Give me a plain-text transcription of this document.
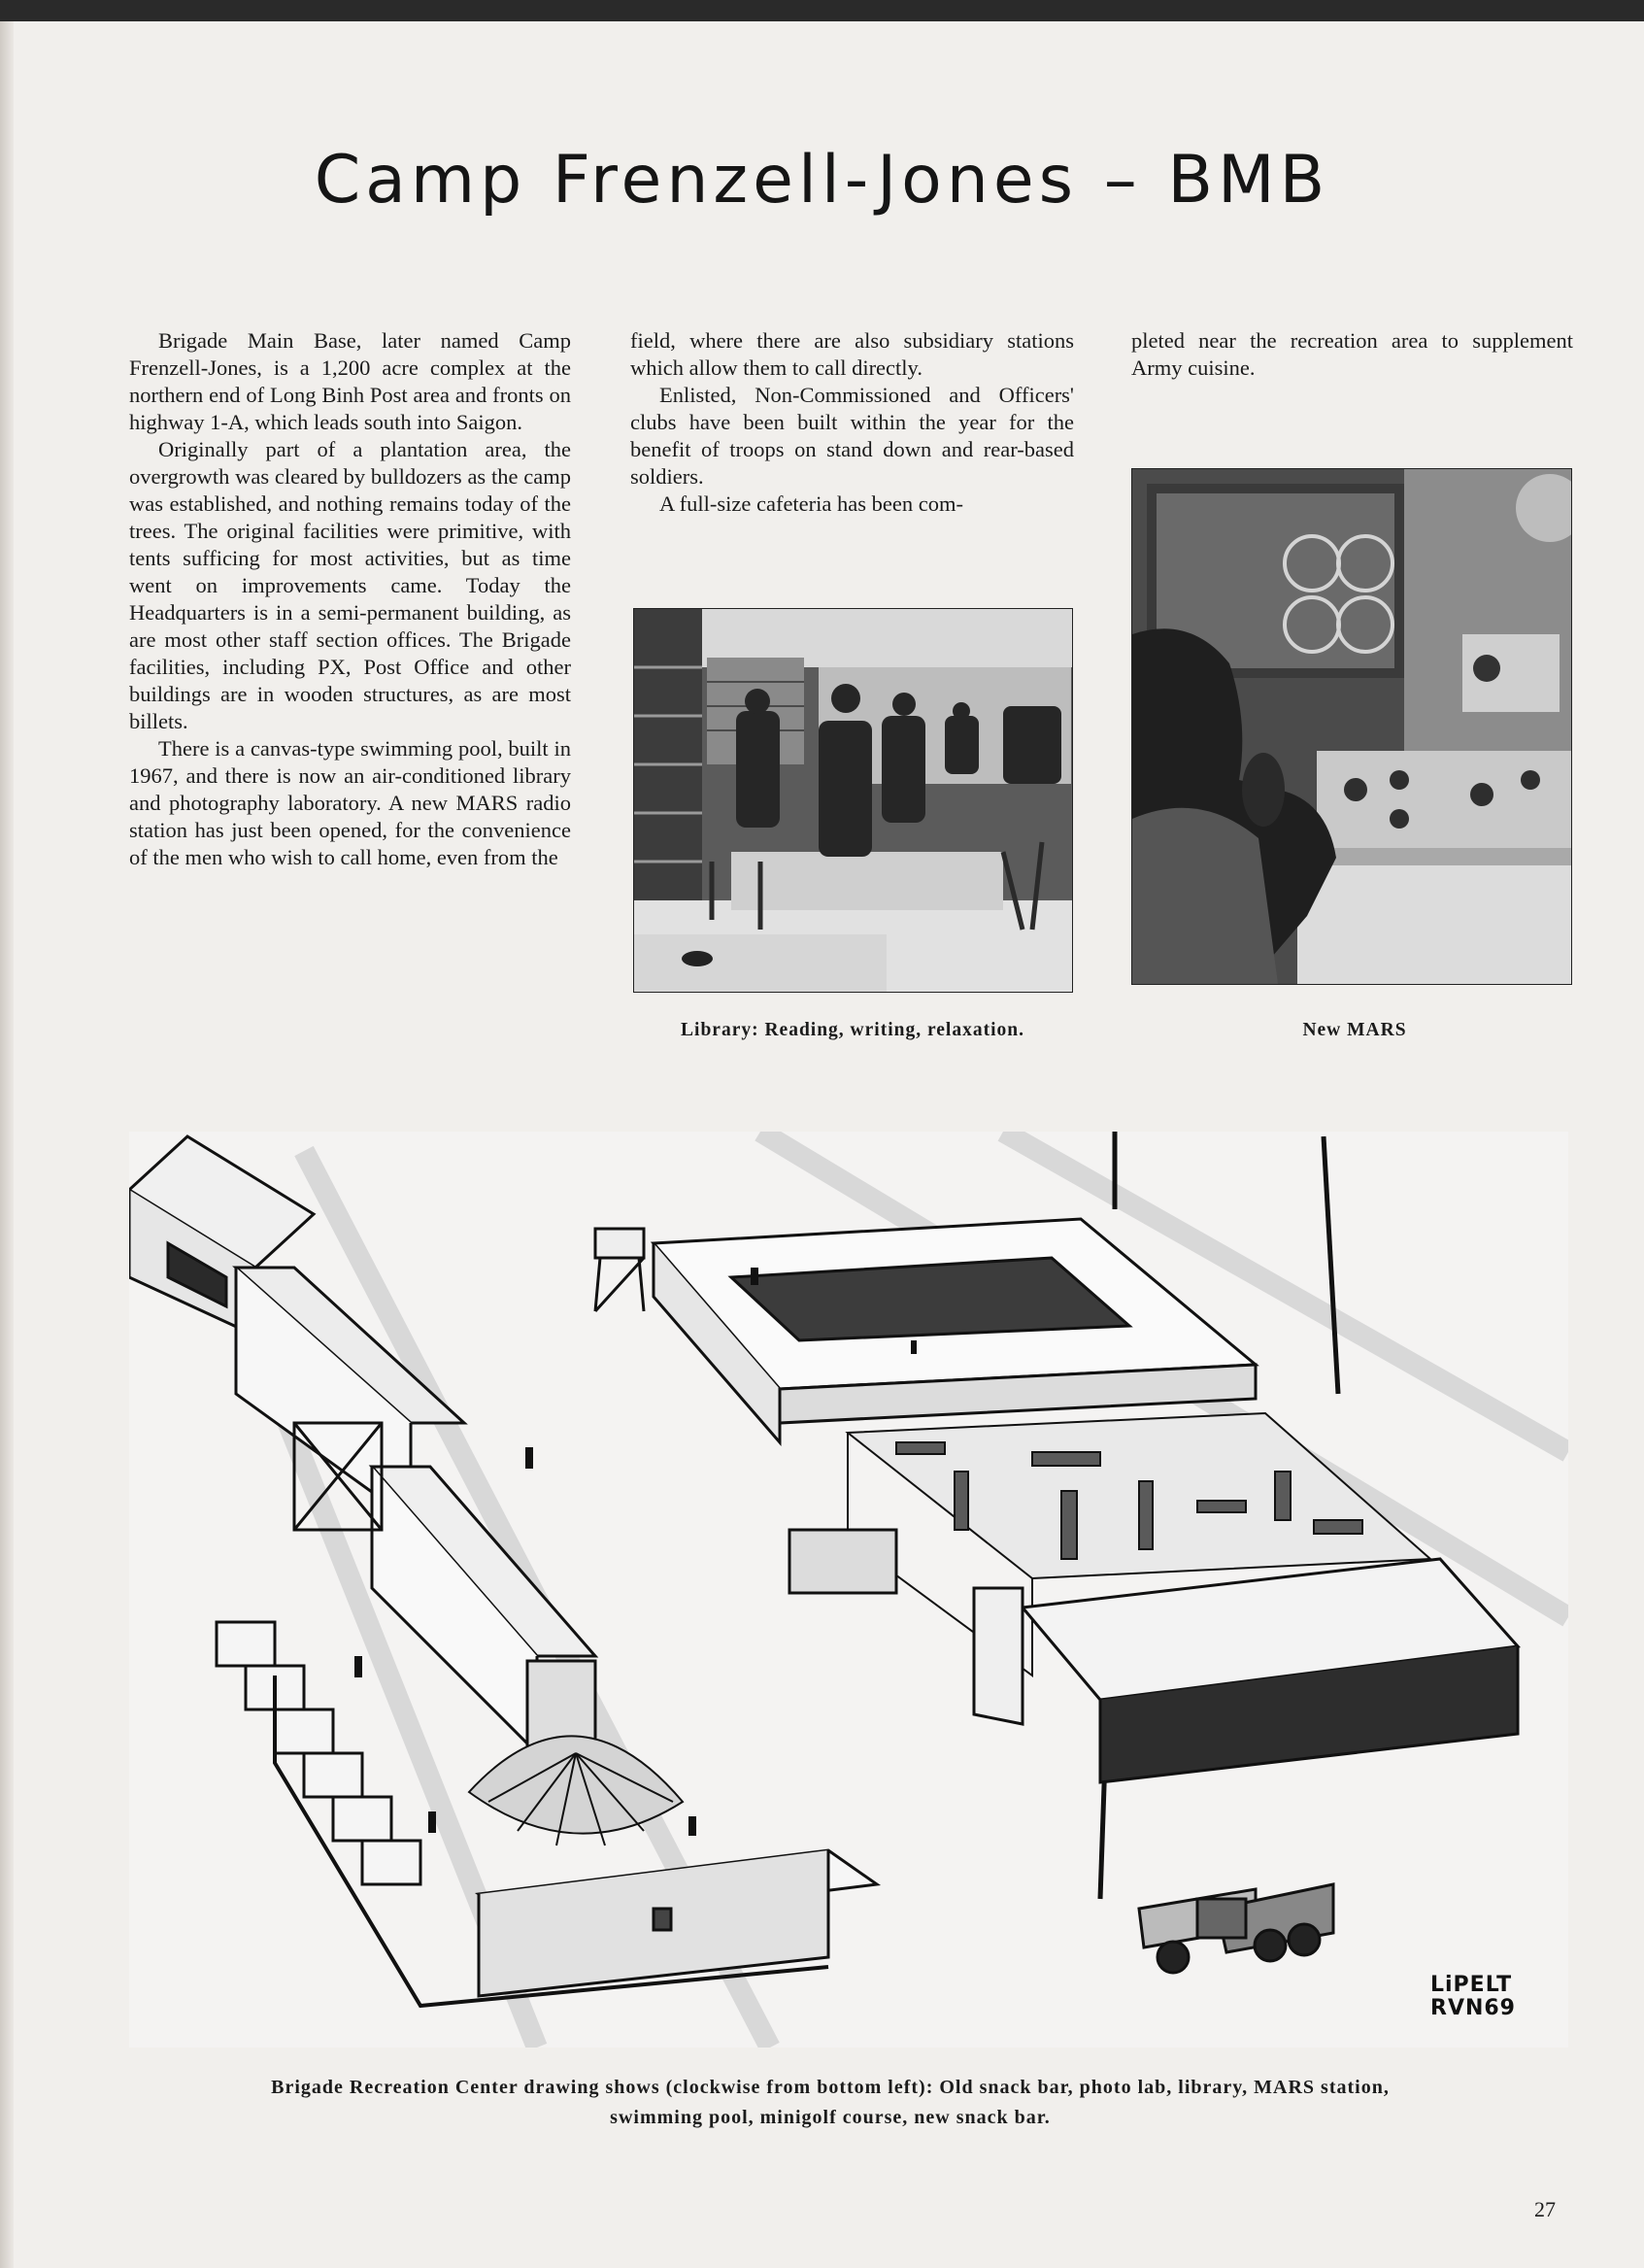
Camp Frenzell-Jones – BMB

Brigade Main Base, later named Camp Frenzell-Jones, is a 1,200 acre complex at the northern end of Long Binh Post area and fronts on highway 1-A, which leads south into Saigon.

Originally part of a plantation area, the overgrowth was cleared by bulldozers as the camp was established, and nothing remains today of the trees. The original facilities were primitive, with tents sufficing for most activities, but as time went on improvements came. Today the Headquarters is in a semi-permanent building, as are most other staff section offices. The Brigade facilities, including PX, Post Office and other buildings are in wooden structures, as are most billets.

There is a canvas-type swimming pool, built in 1967, and there is now an air-conditioned library and photography laboratory. A new MARS radio station has just been opened, for the convenience of the men who wish to call home, even from the

field, where there are also subsidiary stations which allow them to call directly.

Enlisted, Non-Commissioned and Officers' clubs have been built within the year for the benefit of troops on stand down and rear-based soldiers.

A full-size cafeteria has been com-

pleted near the recreation area to supplement Army cuisine.

Library: Reading, writing, relaxation.	New MARS
LiPELT RVN69
Brigade Recreation Center drawing shows (clockwise from bottom left): Old snack bar, photo lab, library, MARS station, swimming pool, minigolf course, new snack bar.
27
